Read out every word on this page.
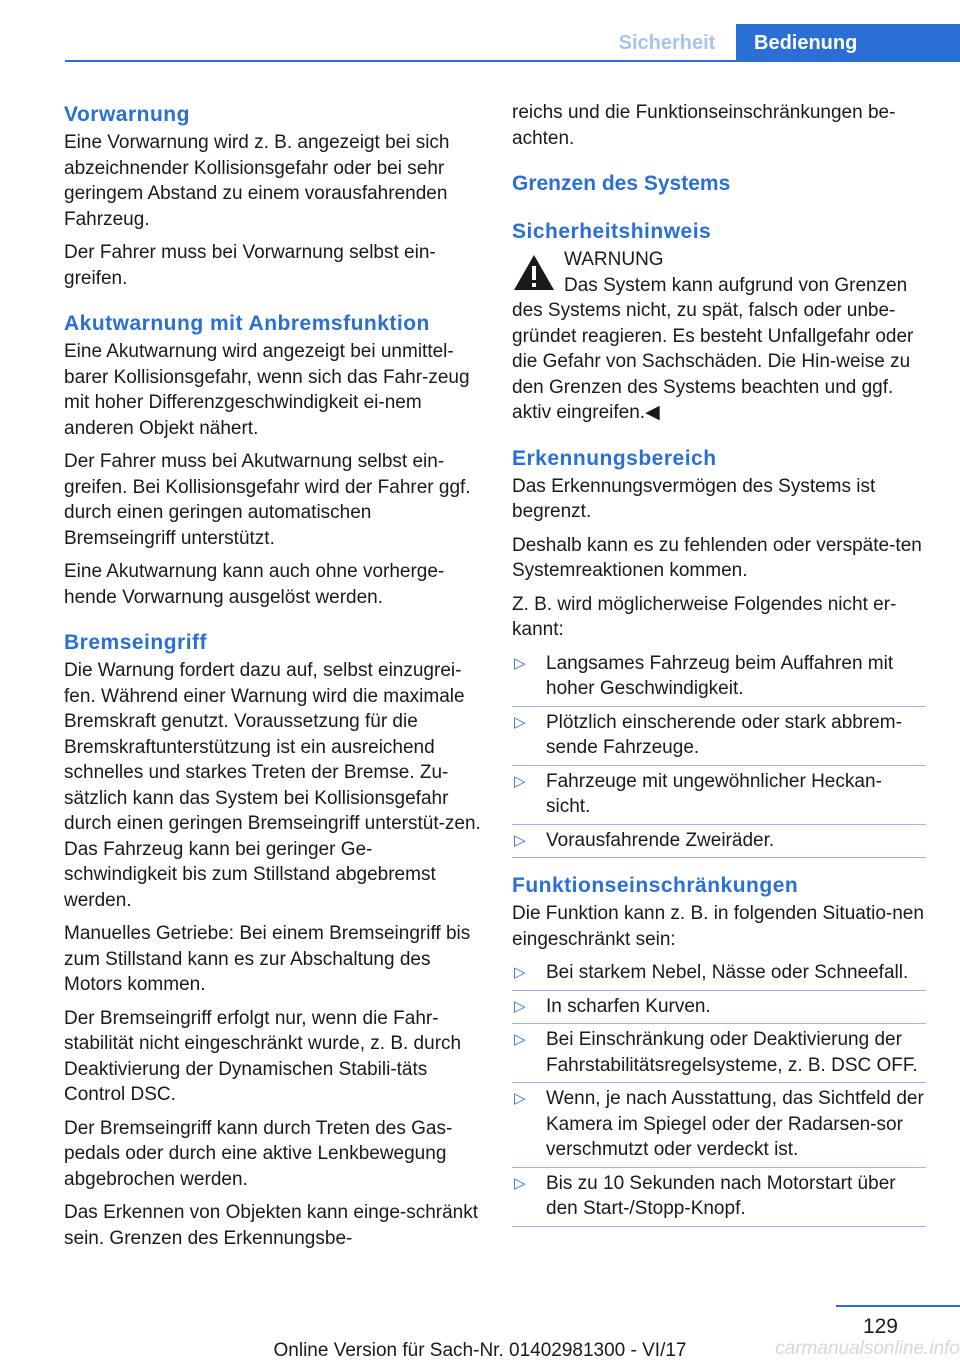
Sicherheit	Bedienung
Vorwarnung

Eine Vorwarnung wird z. B. angezeigt bei sich abzeichnender Kollisionsgefahr oder bei sehr geringem Abstand zu einem vorausfahrenden Fahrzeug.

Der Fahrer muss bei Vorwarnung selbst ein‐greifen.

Akutwarnung mit Anbremsfunktion

Eine Akutwarnung wird angezeigt bei unmittel‐barer Kollisionsgefahr, wenn sich das Fahr‐zeug mit hoher Differenzgeschwindigkeit ei‐nem anderen Objekt nähert.

Der Fahrer muss bei Akutwarnung selbst ein‐greifen. Bei Kollisionsgefahr wird der Fahrer ggf. durch einen geringen automatischen Bremseingriff unterstützt.

Eine Akutwarnung kann auch ohne vorherge‐hende Vorwarnung ausgelöst werden.

Bremseingriff

Die Warnung fordert dazu auf, selbst einzugrei‐fen. Während einer Warnung wird die maximale Bremskraft genutzt. Voraussetzung für die Bremskraftunterstützung ist ein ausreichend schnelles und starkes Treten der Bremse. Zu‐sätzlich kann das System bei Kollisionsgefahr durch einen geringen Bremseingriff unterstüt‐zen. Das Fahrzeug kann bei geringer Ge‐schwindigkeit bis zum Stillstand abgebremst werden.

Manuelles Getriebe: Bei einem Bremseingriff bis zum Stillstand kann es zur Abschaltung des Motors kommen.

Der Bremseingriff erfolgt nur, wenn die Fahr‐stabilität nicht eingeschränkt wurde, z. B. durch Deaktivierung der Dynamischen Stabili‐täts Control DSC.

Der Bremseingriff kann durch Treten des Gas‐pedals oder durch eine aktive Lenkbewegung abgebrochen werden.

Das Erkennen von Objekten kann einge‐schränkt sein. Grenzen des Erkennungsbe‐

reichs und die Funktionseinschränkungen be‐achten.

Grenzen des Systems
Sicherheitshinweis
WARNUNG

Das System kann aufgrund von Grenzen des Systems nicht, zu spät, falsch oder unbe‐gründet reagieren. Es besteht Unfallgefahr oder die Gefahr von Sachschäden. Die Hin‐weise zu den Grenzen des Systems beachten und ggf. aktiv eingreifen.◀

Erkennungsbereich

Das Erkennungsvermögen des Systems ist begrenzt.

Deshalb kann es zu fehlenden oder verspäte‐ten Systemreaktionen kommen.

Z. B. wird möglicherweise Folgendes nicht er‐kannt:

▷ Langsames Fahrzeug beim Auffahren mit hoher Geschwindigkeit.
▷ Plötzlich einscherende oder stark abbrem‐sende Fahrzeuge.
▷ Fahrzeuge mit ungewöhnlicher Heckan‐sicht.
▷ Vorausfahrende Zweiräder.
Funktionseinschränkungen

Die Funktion kann z. B. in folgenden Situatio‐nen eingeschränkt sein:

▷ Bei starkem Nebel, Nässe oder Schneefall.
▷ In scharfen Kurven.
▷ Bei Einschränkung oder Deaktivierung der Fahrstabilitätsregelsysteme, z. B. DSC OFF.
▷ Wenn, je nach Ausstattung, das Sichtfeld der Kamera im Spiegel oder der Radarsen‐sor verschmutzt oder verdeckt ist.
▷ Bis zu 10 Sekunden nach Motorstart über den Start-/Stopp-Knopf.
129
Online Version für Sach-Nr. 01402981300 - VI/17	carmanualsonline.info
